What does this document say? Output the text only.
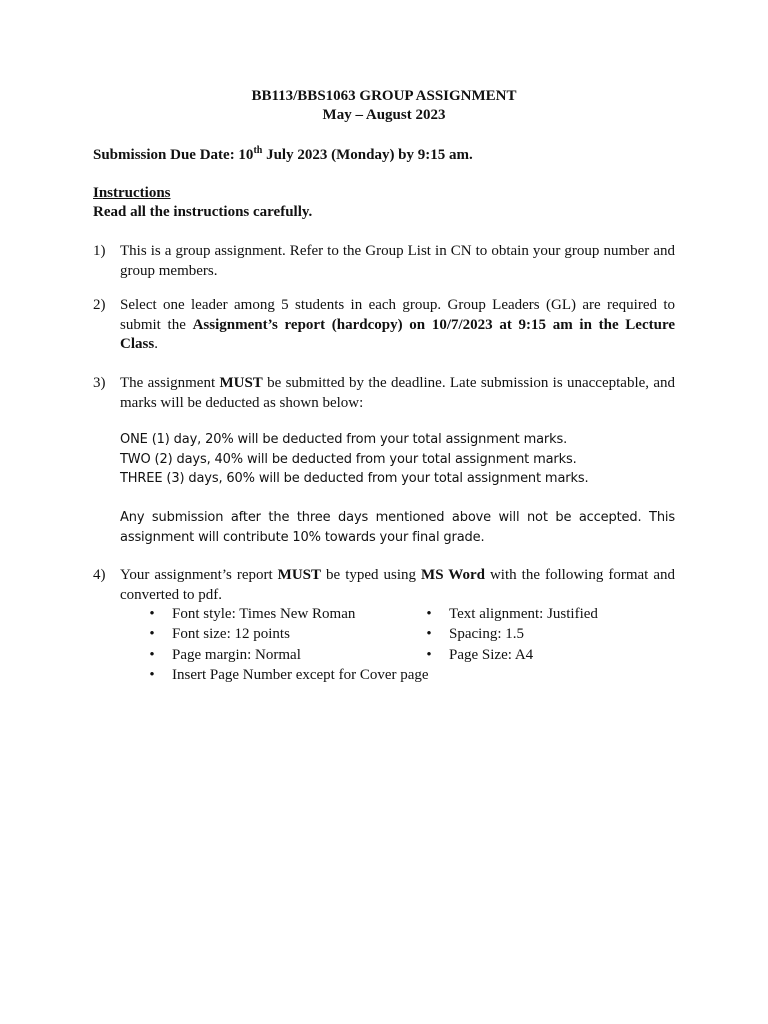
BB113/BBS1063 GROUP ASSIGNMENT
May – August 2023
Submission Due Date: 10th July 2023 (Monday) by 9:15 am.
Instructions
Read all the instructions carefully.
1) This is a group assignment. Refer to the Group List in CN to obtain your group number and group members.
2) Select one leader among 5 students in each group. Group Leaders (GL) are required to submit the Assignment’s report (hardcopy) on 10/7/2023 at 9:15 am in the Lecture Class.
3) The assignment MUST be submitted by the deadline. Late submission is unacceptable, and marks will be deducted as shown below:
ONE (1) day, 20% will be deducted from your total assignment marks.
TWO (2) days, 40% will be deducted from your total assignment marks.
THREE (3) days, 60% will be deducted from your total assignment marks.
Any submission after the three days mentioned above will not be accepted. This assignment will contribute 10% towards your final grade.
4) Your assignment’s report MUST be typed using MS Word with the following format and converted to pdf.
• Font style: Times New Roman
• Font size: 12 points
• Page margin: Normal
• Insert Page Number except for Cover page
• Text alignment: Justified
• Spacing: 1.5
• Page Size: A4
